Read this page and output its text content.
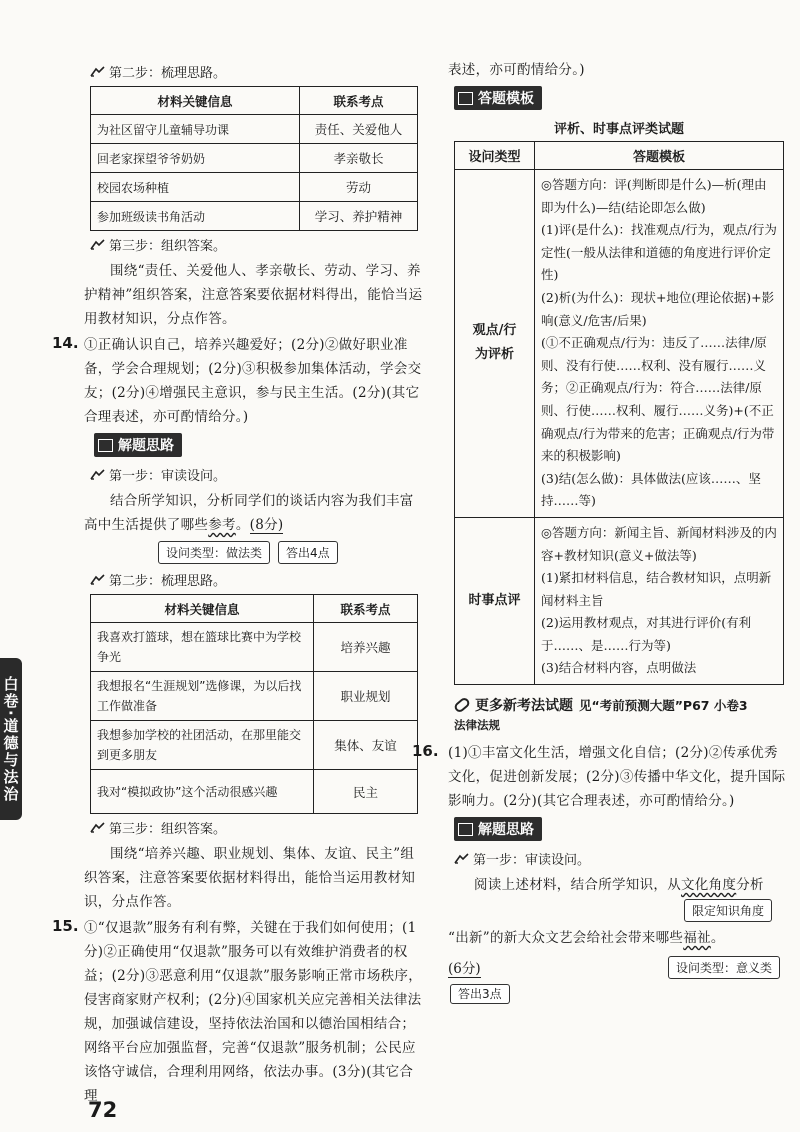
第二步：梳理思路。
材料关键信息	联系考点
为社区留守儿童辅导功课	责任、关爱他人
回老家探望爷爷奶奶	孝亲敬长
校园农场种植	劳动
参加班级读书角活动	学习、养护精神
第三步：组织答案。

围绕“责任、关爱他人、孝亲敬长、劳动、学习、养护精神”组织答案，注意答案要依据材料得出，能恰当运用教材知识，分点作答。

14. ①正确认识自己，培养兴趣爱好；(2分)②做好职业准备，学会合理规划；(2分)③积极参加集体活动，学会交友；(2分)④增强民主意识，参与民主生活。(2分)(其它合理表述，亦可酌情给分。)

解题思路
第一步：审读设问。

结合所学知识，分析同学们的谈话内容为我们丰富高中生活提供了哪些参考。(8分)

设问类型：做法类	答出4点
第二步：梳理思路。
材料关键信息	联系考点
我喜欢打篮球，想在篮球比赛中为学校争光	培养兴趣
我想报名“生涯规划”选修课，为以后找工作做准备	职业规划
我想参加学校的社团活动，在那里能交到更多朋友	集体、友谊
我对“模拟政协”这个活动很感兴趣	民主
第三步：组织答案。

围绕“培养兴趣、职业规划、集体、友谊、民主”组织答案，注意答案要依据材料得出，能恰当运用教材知识，分点作答。

15. ①“仅退款”服务有利有弊，关键在于我们如何使用；(1分)②正确使用“仅退款”服务可以有效维护消费者的权益；(2分)③恶意利用“仅退款”服务影响正常市场秩序，侵害商家财产权利；(2分)④国家机关应完善相关法律法规，加强诚信建设，坚持依法治国和以德治国相结合；网络平台应加强监督，完善“仅退款”服务机制；公民应该恪守诚信，合理利用网络，依法办事。(3分)(其它合理

白卷·道德与法治
72

表述，亦可酌情给分。)

答题模板
评析、时事点评类试题
设问类型	答题模板
观点/行为评析	◎答题方向：评(判断即是什么)—析(理由即为什么)—结(结论即怎么做)
(1)评(是什么)：找准观点/行为，观点/行为定性(一般从法律和道德的角度进行评价定性)
(2)析(为什么)：现状+地位(理论依据)+影响(意义/危害/后果)
(①不正确观点/行为：违反了……法律/原则、没有行使……权利、没有履行……义务；②正确观点/行为：符合……法律/原则、行使……权利、履行……义务)+(不正确观点/行为带来的危害；正确观点/行为带来的积极影响)
(3)结(怎么做)：具体做法(应该……、坚持……等)
时事点评	◎答题方向：新闻主旨、新闻材料涉及的内容+教材知识(意义+做法等)
(1)紧扣材料信息，结合教材知识，点明新闻材料主旨
(2)运用教材观点，对其进行评价(有利于……、是……行为等)
(3)结合材料内容，点明做法
更多新考法试题 见“考前预测大题”P67 小卷3
法律法规
16. (1)①丰富文化生活，增强文化自信；(2分)②传承优秀文化，促进创新发展；(2分)③传播中华文化，提升国际影响力。(2分)(其它合理表述，亦可酌情给分。)

解题思路
第一步：审读设问。

阅读上述材料，结合所学知识，从文化角度分析

限定知识角度

“出新”的新大众文艺会给社会带来哪些福祉。

(6分)	设问类型：意义类
答出3点
